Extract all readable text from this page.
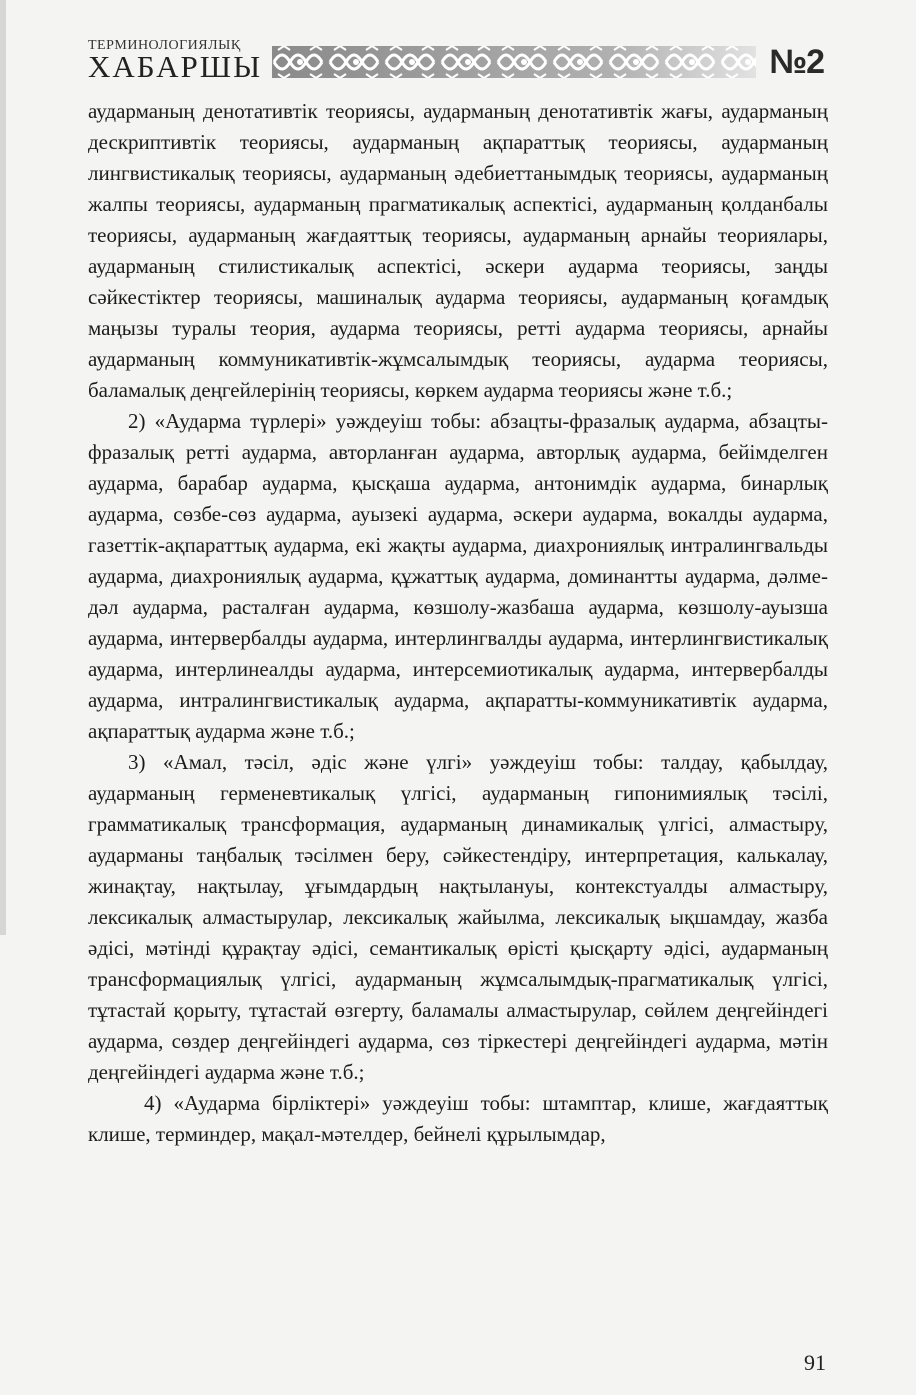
ТЕРМИНОЛОГИЯЛЫҚ
ХАБАРШЫ	№2

аударманың денотативтік теориясы, аударманың денотативтік жағы, аударманың дескриптивтік теориясы, аударманың ақпараттық теориясы, аударманың лингвистикалық теориясы, аударманың әдебиеттанымдық теориясы, аударманың жалпы теориясы, аударманың прагматикалық аспектісі, аударманың қолданбалы теориясы, аударманың жағдаяттық теориясы, аударманың арнайы теориялары, аударманың стилистикалық аспектісі, әскери аударма теориясы, заңды сәйкестіктер теориясы, машиналық аударма теориясы, аударманың қоғамдық маңызы туралы теория, аударма теориясы, ретті аударма теориясы, арнайы аударманың коммуникативтік-жұмсалымдық теориясы, аударма теориясы, баламалық деңгейлерінің теориясы, көркем аударма теориясы және т.б.;

2) «Аударма түрлері» уәждеуіш тобы: абзацты-фразалық аударма, абзацты-фразалық ретті аударма, авторланған аударма, авторлық аударма, бейімделген аударма, барабар аударма, қысқаша аударма, антонимдік аударма, бинарлық аударма, сөзбе-сөз аударма, ауызекі аударма, әскери аударма, вокалды аударма, газеттік-ақпараттық аударма, екі жақты аударма, диахрониялық интралингвальды аударма, диахрониялық аударма, құжаттық аударма, доминантты аударма, дәлме-дәл аударма, расталған аударма, көзшолу-жазбаша аударма, көзшолу-ауызша аударма, интервербалды аударма, интерлингвалды аударма, интерлингвистикалық аударма, интерлинеалды аударма, интерсемиотикалық аударма, интервербалды аударма, интралингвистикалық аударма, ақпаратты-коммуникативтік аударма, ақпараттық аударма және т.б.;

3) «Амал, тәсіл, әдіс және үлгі» уәждеуіш тобы: талдау, қабылдау, аударманың герменевтикалық үлгісі, аударманың гипонимиялық тәсілі, грамматикалық трансформация, аударманың динамикалық үлгісі, алмастыру, аударманы таңбалық тәсілмен беру, сәйкестендіру, интерпретация, калькалау, жинақтау, нақтылау, ұғымдардың нақтылануы, контекстуалды алмастыру, лексикалық алмастырулар, лексикалық жайылма, лексикалық ықшамдау, жазба әдісі, мәтінді құрақтау әдісі, семантикалық өрісті қысқарту әдісі, аударманың трансформациялық үлгісі, аударманың жұмсалымдық-прагматикалық үлгісі, тұтастай қорыту, тұтастай өзгерту, баламалы алмастырулар, сөйлем деңгейіндегі аударма, сөздер деңгейіндегі аударма, сөз тіркестері деңгейіндегі аударма, мәтін деңгейіндегі аударма және т.б.;

4) «Аударма бірліктері» уәждеуіш тобы: штамптар, клише, жағдаяттық клише, терминдер, мақал-мәтелдер, бейнелі құрылымдар,

91
